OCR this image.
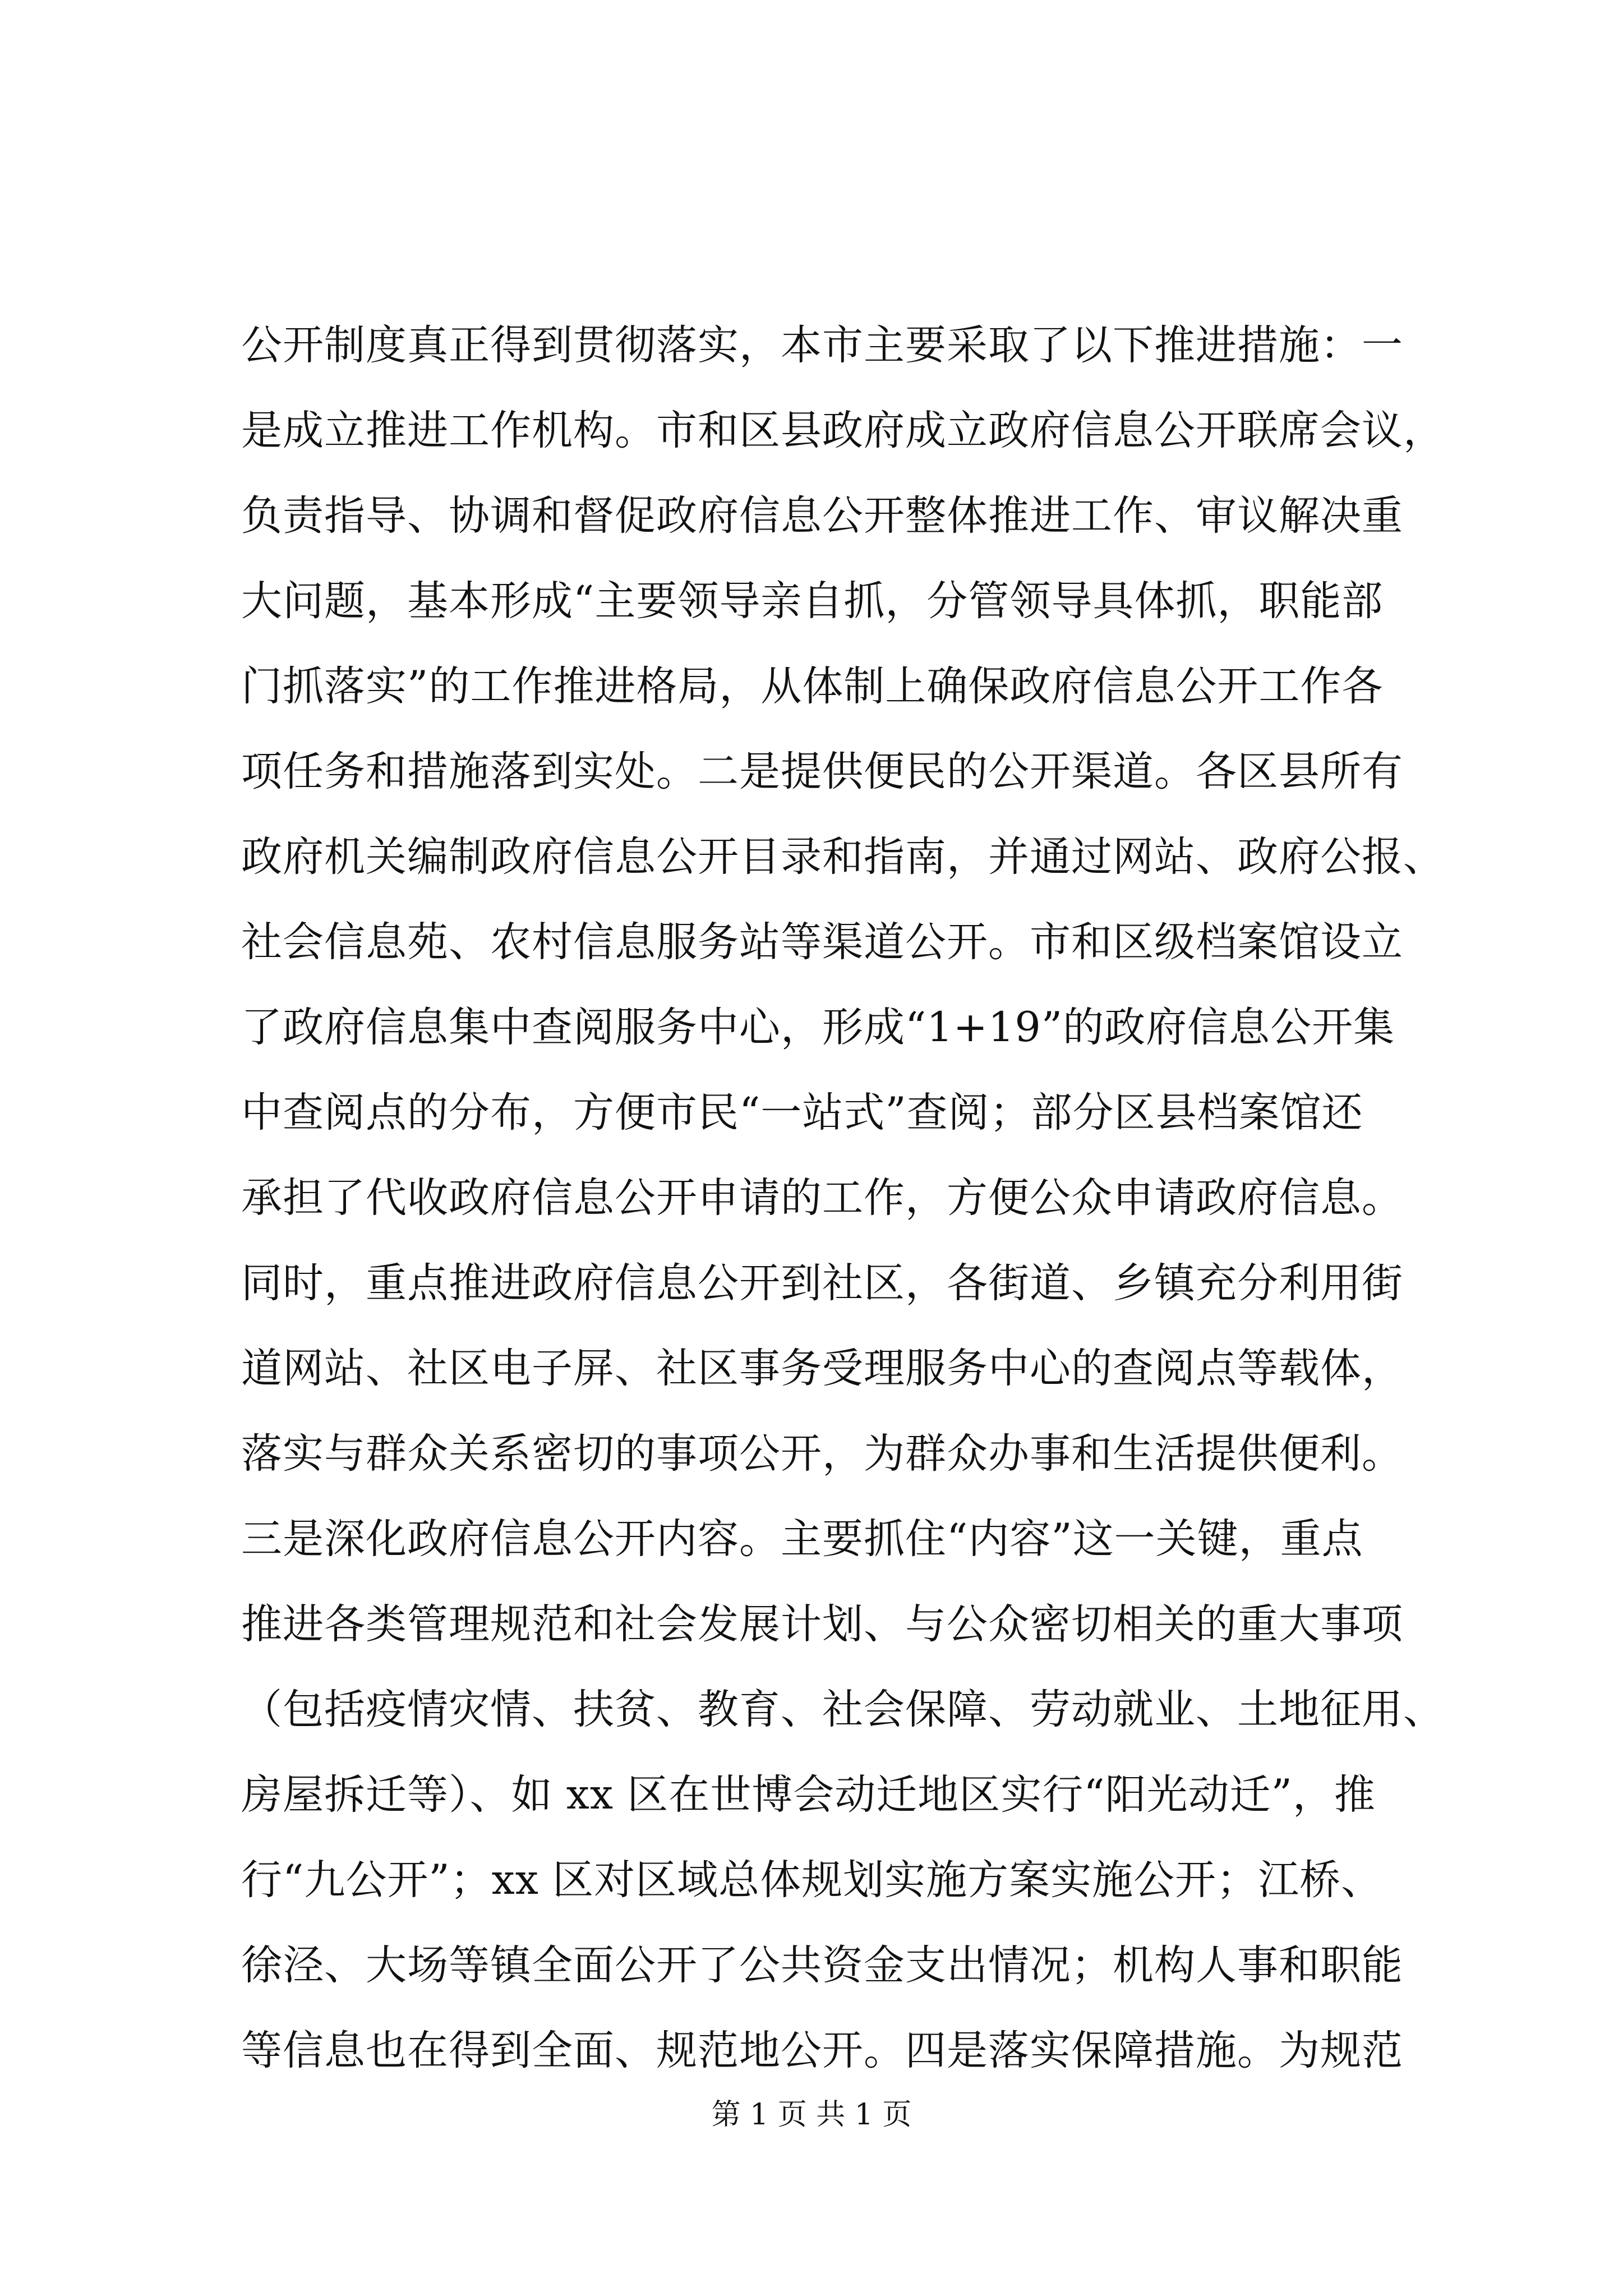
公开制度真正得到贯彻落实，本市主要采取了以下推进措施：一
是成立推进工作机构。市和区县政府成立政府信息公开联席会议，
负责指导、协调和督促政府信息公开整体推进工作、审议解决重
大问题，基本形成“主要领导亲自抓，分管领导具体抓，职能部
门抓落实”的工作推进格局，从体制上确保政府信息公开工作各
项任务和措施落到实处。二是提供便民的公开渠道。各区县所有
政府机关编制政府信息公开目录和指南，并通过网站、政府公报、
社会信息苑、农村信息服务站等渠道公开。市和区级档案馆设立
了政府信息集中查阅服务中心，形成“1+19”的政府信息公开集
中查阅点的分布，方便市民“一站式”查阅；部分区县档案馆还
承担了代收政府信息公开申请的工作，方便公众申请政府信息。
同时，重点推进政府信息公开到社区，各街道、乡镇充分利用街
道网站、社区电子屏、社区事务受理服务中心的查阅点等载体，
落实与群众关系密切的事项公开，为群众办事和生活提供便利。
三是深化政府信息公开内容。主要抓住“内容”这一关键，重点
推进各类管理规范和社会发展计划、与公众密切相关的重大事项
（包括疫情灾情、扶贫、教育、社会保障、劳动就业、土地征用、
房屋拆迁等）、如 xx 区在世博会动迁地区实行“阳光动迁”，推
行“九公开”；xx 区对区域总体规划实施方案实施公开；江桥、
徐泾、大场等镇全面公开了公共资金支出情况；机构人事和职能
等信息也在得到全面、规范地公开。四是落实保障措施。为规范
第 1 页 共 1 页
